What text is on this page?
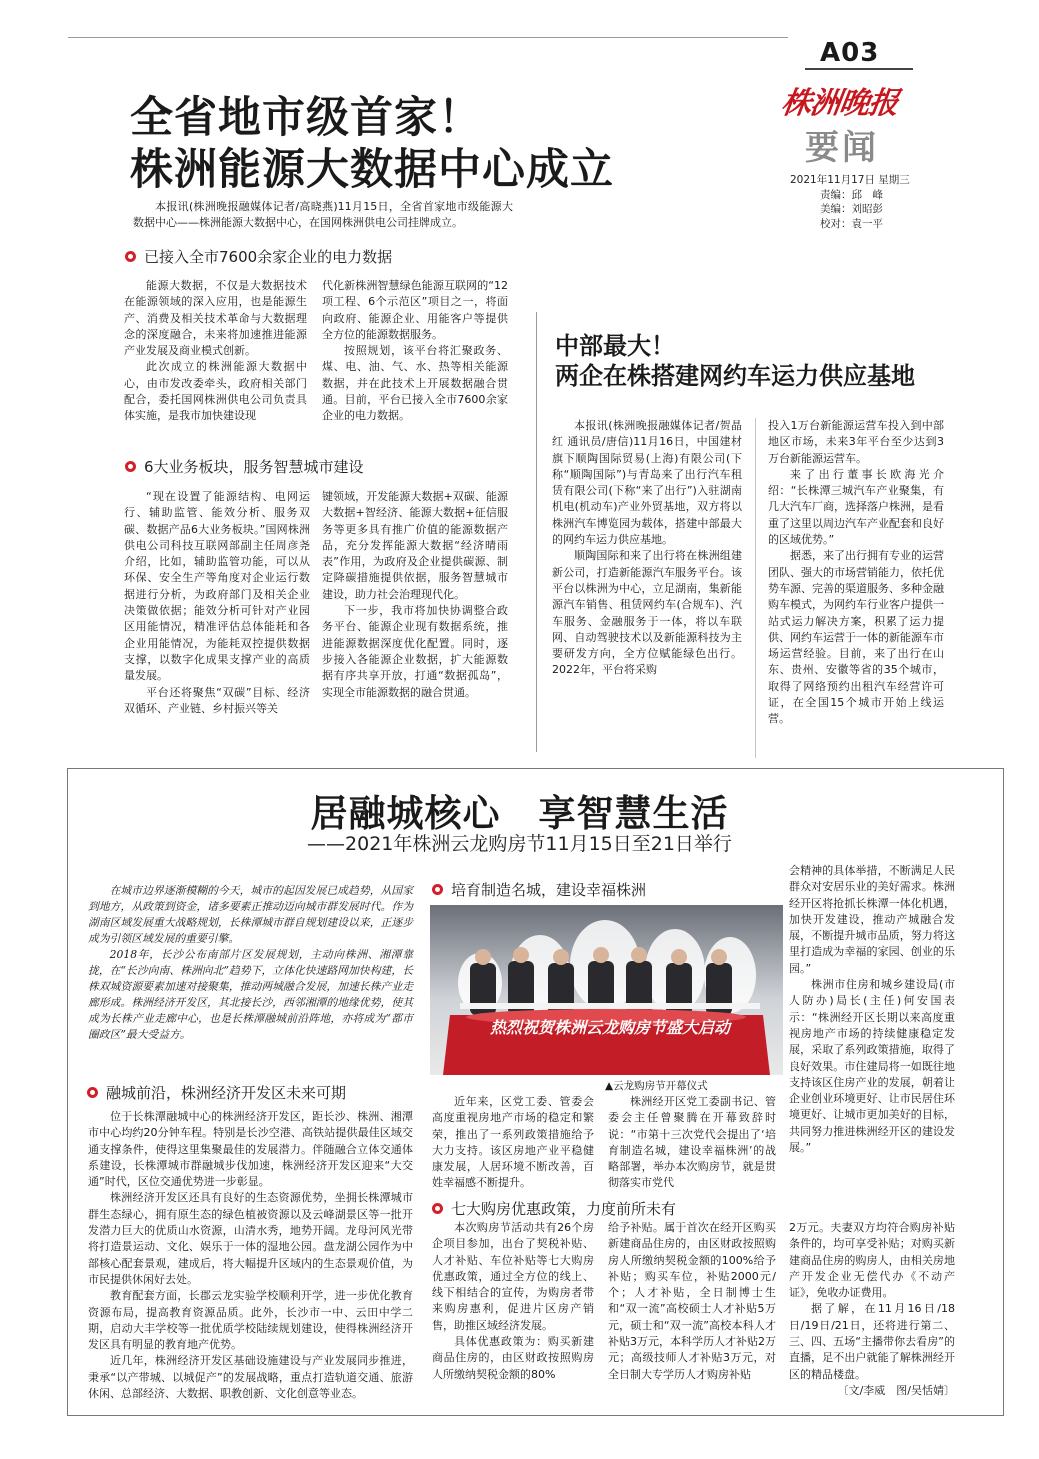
A03
株洲晚报
要闻
2021年11月17日 星期三
责编：邱　峰
美编：刘昭彭
校对：袁一平
全省地市级首家！
株洲能源大数据中心成立
本报讯(株洲晚报融媒体记者/高晓燕)11月15日，全省首家地市级能源大数据中心——株洲能源大数据中心，在国网株洲供电公司挂牌成立。
已接入全市7600余家企业的电力数据

能源大数据，不仅是大数据技术在能源领域的深入应用，也是能源生产、消费及相关技术革命与大数据理念的深度融合，未来将加速推进能源产业发展及商业模式创新。

此次成立的株洲能源大数据中心，由市发改委牵头，政府相关部门配合，委托国网株洲供电公司负责具体实施，是我市加快建设现

代化新株洲智慧绿色能源互联网的“12项工程、6个示范区”项目之一，将面向政府、能源企业、用能客户等提供全方位的能源数据服务。

按照规划，该平台将汇聚政务、煤、电、油、气、水、热等相关能源数据，并在此技术上开展数据融合贯通。目前，平台已接入全市7600余家企业的电力数据。

6大业务板块，服务智慧城市建设

“现在设置了能源结构、电网运行、辅助监管、能效分析、服务双碳、数据产品6大业务板块。”国网株洲供电公司科技互联网部副主任周彦尧介绍，比如，辅助监管功能，可以从环保、安全生产等角度对企业运行数据进行分析，为政府部门及相关企业决策做依据；能效分析可针对产业园区用能情况，精准评估总体能耗和各企业用能情况，为能耗双控提供数据支撑，以数字化成果支撑产业的高质量发展。

平台还将聚焦“双碳”目标、经济双循环、产业链、乡村振兴等关

键领域，开发能源大数据+双碳、能源大数据+智经济、能源大数据+征信服务等更多具有推广价值的能源数据产品，充分发挥能源大数据“经济晴雨表”作用，为政府及企业提供碳源、制定降碳措施提供依据，服务智慧城市建设，助力社会治理现代化。

下一步，我市将加快协调整合政务平台、能源企业现有数据系统，推进能源数据深度优化配置。同时，逐步接入各能源企业数据，扩大能源数据有序共享开放，打通“数据孤岛”，实现全市能源数据的融合贯通。

中部最大！
两企在株搭建网约车运力供应基地

本报讯(株洲晚报融媒体记者/贺晶红 通讯员/唐信)11月16日，中国建材旗下顺陶国际贸易(上海)有限公司(下称“顺陶国际”)与青岛来了出行汽车租赁有限公司(下称“来了出行”)入驻湖南机电(机动车)产业外贸基地，双方将以株洲汽车博览园为载体，搭建中部最大的网约车运力供应基地。

顺陶国际和来了出行将在株洲组建新公司，打造新能源汽车服务平台。该平台以株洲为中心，立足湖南，集新能源汽车销售、租赁网约车(合规车)、汽车服务、金融服务于一体，将以车联网、自动驾驶技术以及新能源科技为主要研发方向，全方位赋能绿色出行。2022年，平台将采购

投入1万台新能源运营车投入到中部地区市场，未来3年平台至少达到3万台新能源运营车。

来了出行董事长欧海光介绍：“长株潭三城汽车产业聚集，有几大汽车厂商，选择落户株洲，是看重了这里以周边汽车产业配套和良好的区域优势。”

据悉，来了出行拥有专业的运营团队、强大的市场营销能力，依托优势车源、完善的渠道服务、多种金融购车模式，为网约车行业客户提供一站式运力解决方案，积累了运力提供、网约车运营于一体的新能源车市场运营经验。目前，来了出行在山东、贵州、安徽等省的35个城市，取得了网络预约出租汽车经营许可证，在全国15个城市开始上线运营。

居融城核心　享智慧生活
——2021年株洲云龙购房节11月15日至21日举行

在城市边界逐渐模糊的今天，城市的起因发展已成趋势，从国家到地方，从政策到资金，诸多要素正推动迈向城市群发展时代。作为湖南区域发展重大战略规划，长株潭城市群自规划建设以来，正逐步成为引领区域发展的重要引擎。

2018年，长沙公布南部片区发展规划，主动向株洲、湘潭靠拢，在“长沙向南、株洲向北”趋势下，立体化快速路网加快构建，长株双城资源要素加速对接聚集，推动两城融合发展，加速长株产业走廊形成。株洲经济开发区，其北接长沙，西邻湘潭的地缘优势，使其成为长株产业走廊中心，也是长株潭融城前沿阵地，亦将成为“都市圈政区”最大受益方。

融城前沿，株洲经济开发区未来可期

位于长株潭融城中心的株洲经济开发区，距长沙、株洲、湘潭市中心均约20分钟车程。特别是长沙空港、高铁站提供最佳区域交通支撑条件，使得这里集聚最佳的发展潜力。伴随融合立体交通体系建设，长株潭城市群融城步伐加速，株洲经济开发区迎来“大交通”时代，区位交通优势进一步彰显。

株洲经济开发区还具有良好的生态资源优势，坐拥长株潭城市群生态绿心，拥有原生态的绿色植被资源以及云峰湖景区等一批开发潜力巨大的优质山水资源，山清水秀，地势开阔。龙母河风光带将打造景运动、文化、娱乐于一体的湿地公园。盘龙湖公园作为中部核心配套景观，建成后，将大幅提升区域内的生态景观价值，为市民提供休闲好去处。

教育配套方面，长郡云龙实验学校顺利开学，进一步优化教育资源布局，提高教育资源品质。此外，长沙市一中、云田中学二期，启动大丰学校等一批优质学校陆续规划建设，使得株洲经济开发区具有明显的教育地产优势。

近几年，株洲经济开发区基础设施建设与产业发展同步推进，秉承“以产带城、以城促产”的发展战略，重点打造轨道交通、旅游休闲、总部经济、大数据、职教创新、文化创意等业态。

培育制造名城，建设幸福株洲
热烈祝贺株洲云龙购房节盛大启动
▲云龙购房节开幕仪式

近年来，区党工委、管委会高度重视房地产市场的稳定和繁荣，推出了一系列政策措施给予大力支持。该区房地产业平稳健康发展，人居环境不断改善，百姓幸福感不断提升。

株洲经开区党工委副书记、管委会主任曾聚腾在开幕致辞时说：“市第十三次党代会提出了‘培育制造名城，建设幸福株洲’的战略部署，举办本次购房节，就是贯彻落实市党代

会精神的具体举措，不断满足人民群众对安居乐业的美好需求。株洲经开区将抢抓长株潭一体化机遇，加快开发建设，推动产城融合发展，不断提升城市品质，努力将这里打造成为幸福的家园、创业的乐园。”

株洲市住房和城乡建设局(市人防办)局长(主任)何安国表示：“株洲经开区长期以来高度重视房地产市场的持续健康稳定发展，采取了系列政策措施，取得了良好效果。市住建局将一如既往地支持该区住房产业的发展，朝着让企业创业环境更好、让市民居住环境更好、让城市更加美好的目标，共同努力推进株洲经开区的建设发展。”

七大购房优惠政策，力度前所未有

本次购房节活动共有26个房企项目参加，出台了契税补贴、人才补贴、车位补贴等七大购房优惠政策，通过全方位的线上、线下相结合的宣传，为购房者带来购房惠利，促进片区房产销售，助推区域经济发展。

具体优惠政策为：购买新建商品住房的，由区财政按照购房人所缴纳契税金额的80%

给予补贴。属于首次在经开区购买新建商品住房的，由区财政按照购房人所缴纳契税金额的100%给予补贴；购买车位，补贴2000元/个；人才补贴，全日制博士生和“双一流”高校硕士人才补贴5万元，硕士和“双一流”高校本科人才补贴3万元，本科学历人才补贴2万元；高级技师人才补贴3万元，对全日制大专学历人才购房补贴

2万元。夫妻双方均符合购房补贴条件的，均可享受补贴；对购买新建商品住房的购房人，由相关房地产开发企业无偿代办《不动产证》，免收办证费用。

据了解，在11月16日/18日/19日/21日，还将进行第二、三、四、五场“主播带你去看房”的直播，足不出户就能了解株洲经开区的精品楼盘。

〔文/李威　图/吴恬婧〕
